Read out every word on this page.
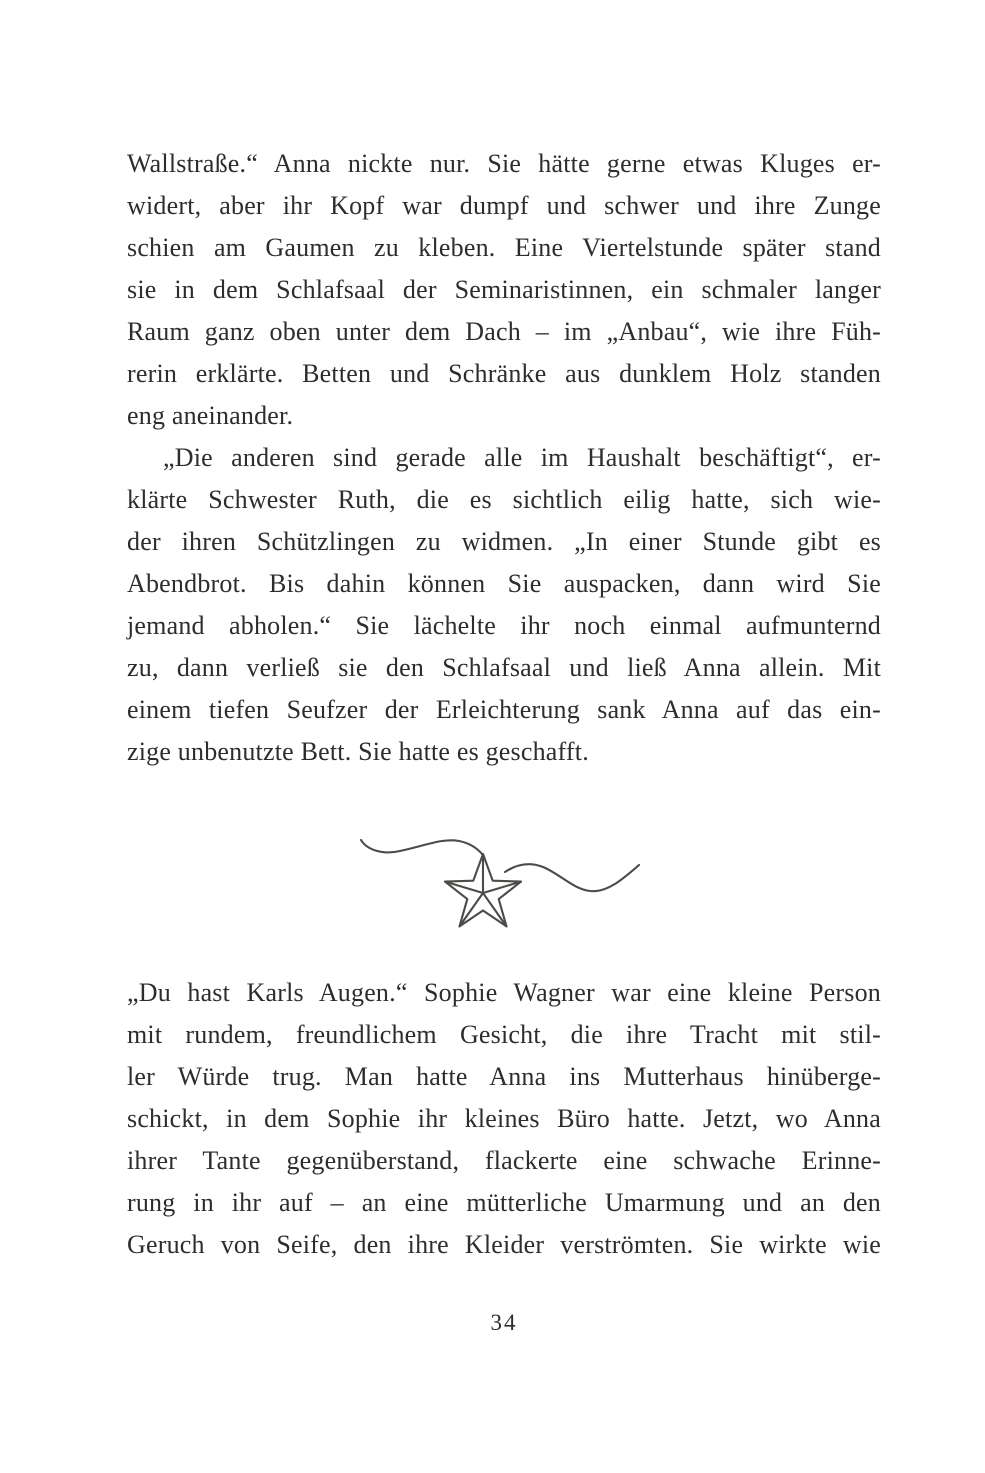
Wallstraße.“ Anna nickte nur. Sie hätte gerne etwas Kluges er-
widert, aber ihr Kopf war dumpf und schwer und ihre Zunge
schien am Gaumen zu kleben. Eine Viertelstunde später stand
sie in dem Schlafsaal der Seminaristinnen, ein schmaler langer
Raum ganz oben unter dem Dach – im „Anbau“, wie ihre Füh-
rerin erklärte. Betten und Schränke aus dunklem Holz standen
eng aneinander.
„Die anderen sind gerade alle im Haushalt beschäftigt“, er-
klärte Schwester Ruth, die es sichtlich eilig hatte, sich wie-
der ihren Schützlingen zu widmen. „In einer Stunde gibt es
Abendbrot. Bis dahin können Sie auspacken, dann wird Sie
jemand abholen.“ Sie lächelte ihr noch einmal aufmunternd
zu, dann verließ sie den Schlafsaal und ließ Anna allein. Mit
einem tiefen Seufzer der Erleichterung sank Anna auf das ein-
zige unbenutzte Bett. Sie hatte es geschafft.
„Du hast Karls Augen.“ Sophie Wagner war eine kleine Person
mit rundem, freundlichem Gesicht, die ihre Tracht mit stil-
ler Würde trug. Man hatte Anna ins Mutterhaus hinüberge-
schickt, in dem Sophie ihr kleines Büro hatte. Jetzt, wo Anna
ihrer Tante gegenüberstand, flackerte eine schwache Erinne-
rung in ihr auf – an eine mütterliche Umarmung und an den
Geruch von Seife, den ihre Kleider verströmten. Sie wirkte wie
34
